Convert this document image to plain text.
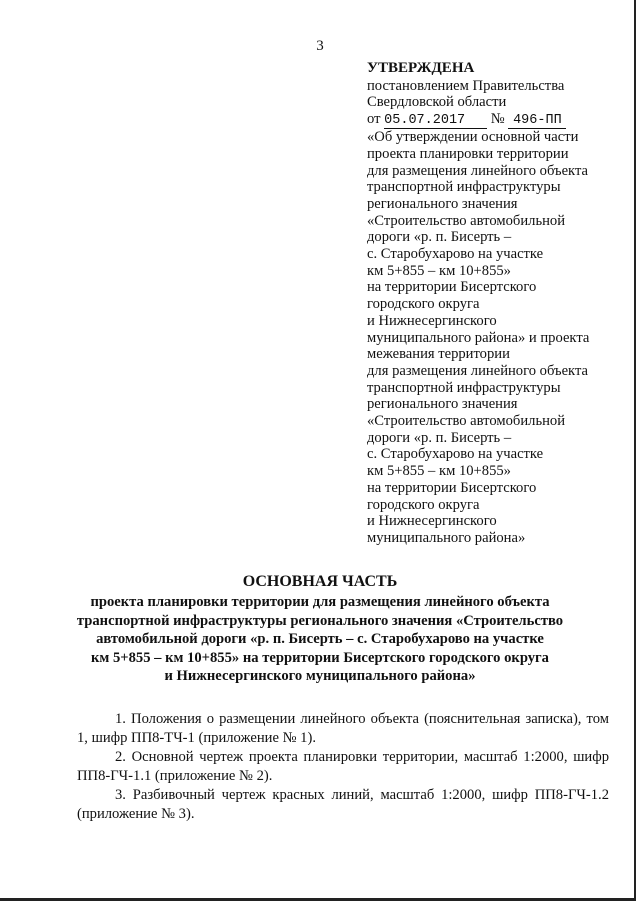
3
УТВЕРЖДЕНА
постановлением Правительства
Свердловской области
от 05.07.2017 № 496-ПП
«Об утверждении основной части
проекта планировки территории
для размещения линейного объекта
транспортной инфраструктуры
регионального значения
«Строительство автомобильной
дороги «р. п. Бисерть –
с. Старобухарово на участке
км 5+855 – км 10+855»
на территории Бисертского
городского округа
и Нижнесергинского
муниципального района» и проекта
межевания территории
для размещения линейного объекта
транспортной инфраструктуры
регионального значения
«Строительство автомобильной
дороги «р. п. Бисерть –
с. Старобухарово на участке
км 5+855 – км 10+855»
на территории Бисертского
городского округа
и Нижнесергинского
муниципального района»
ОСНОВНАЯ ЧАСТЬ
проекта планировки территории для размещения линейного объекта
транспортной инфраструктуры регионального значения «Строительство
автомобильной дороги «р. п. Бисерть – с. Старобухарово на участке
км 5+855 – км 10+855» на территории Бисертского городского округа
и Нижнесергинского муниципального района»

1. Положения о размещении линейного объекта (пояснительная записка), том 1, шифр ПП8-ТЧ-1 (приложение № 1).

2. Основной чертеж проекта планировки территории, масштаб 1:2000, шифр ПП8-ГЧ-1.1 (приложение № 2).

3. Разбивочный чертеж красных линий, масштаб 1:2000, шифр ПП8-ГЧ-1.2 (приложение № 3).
